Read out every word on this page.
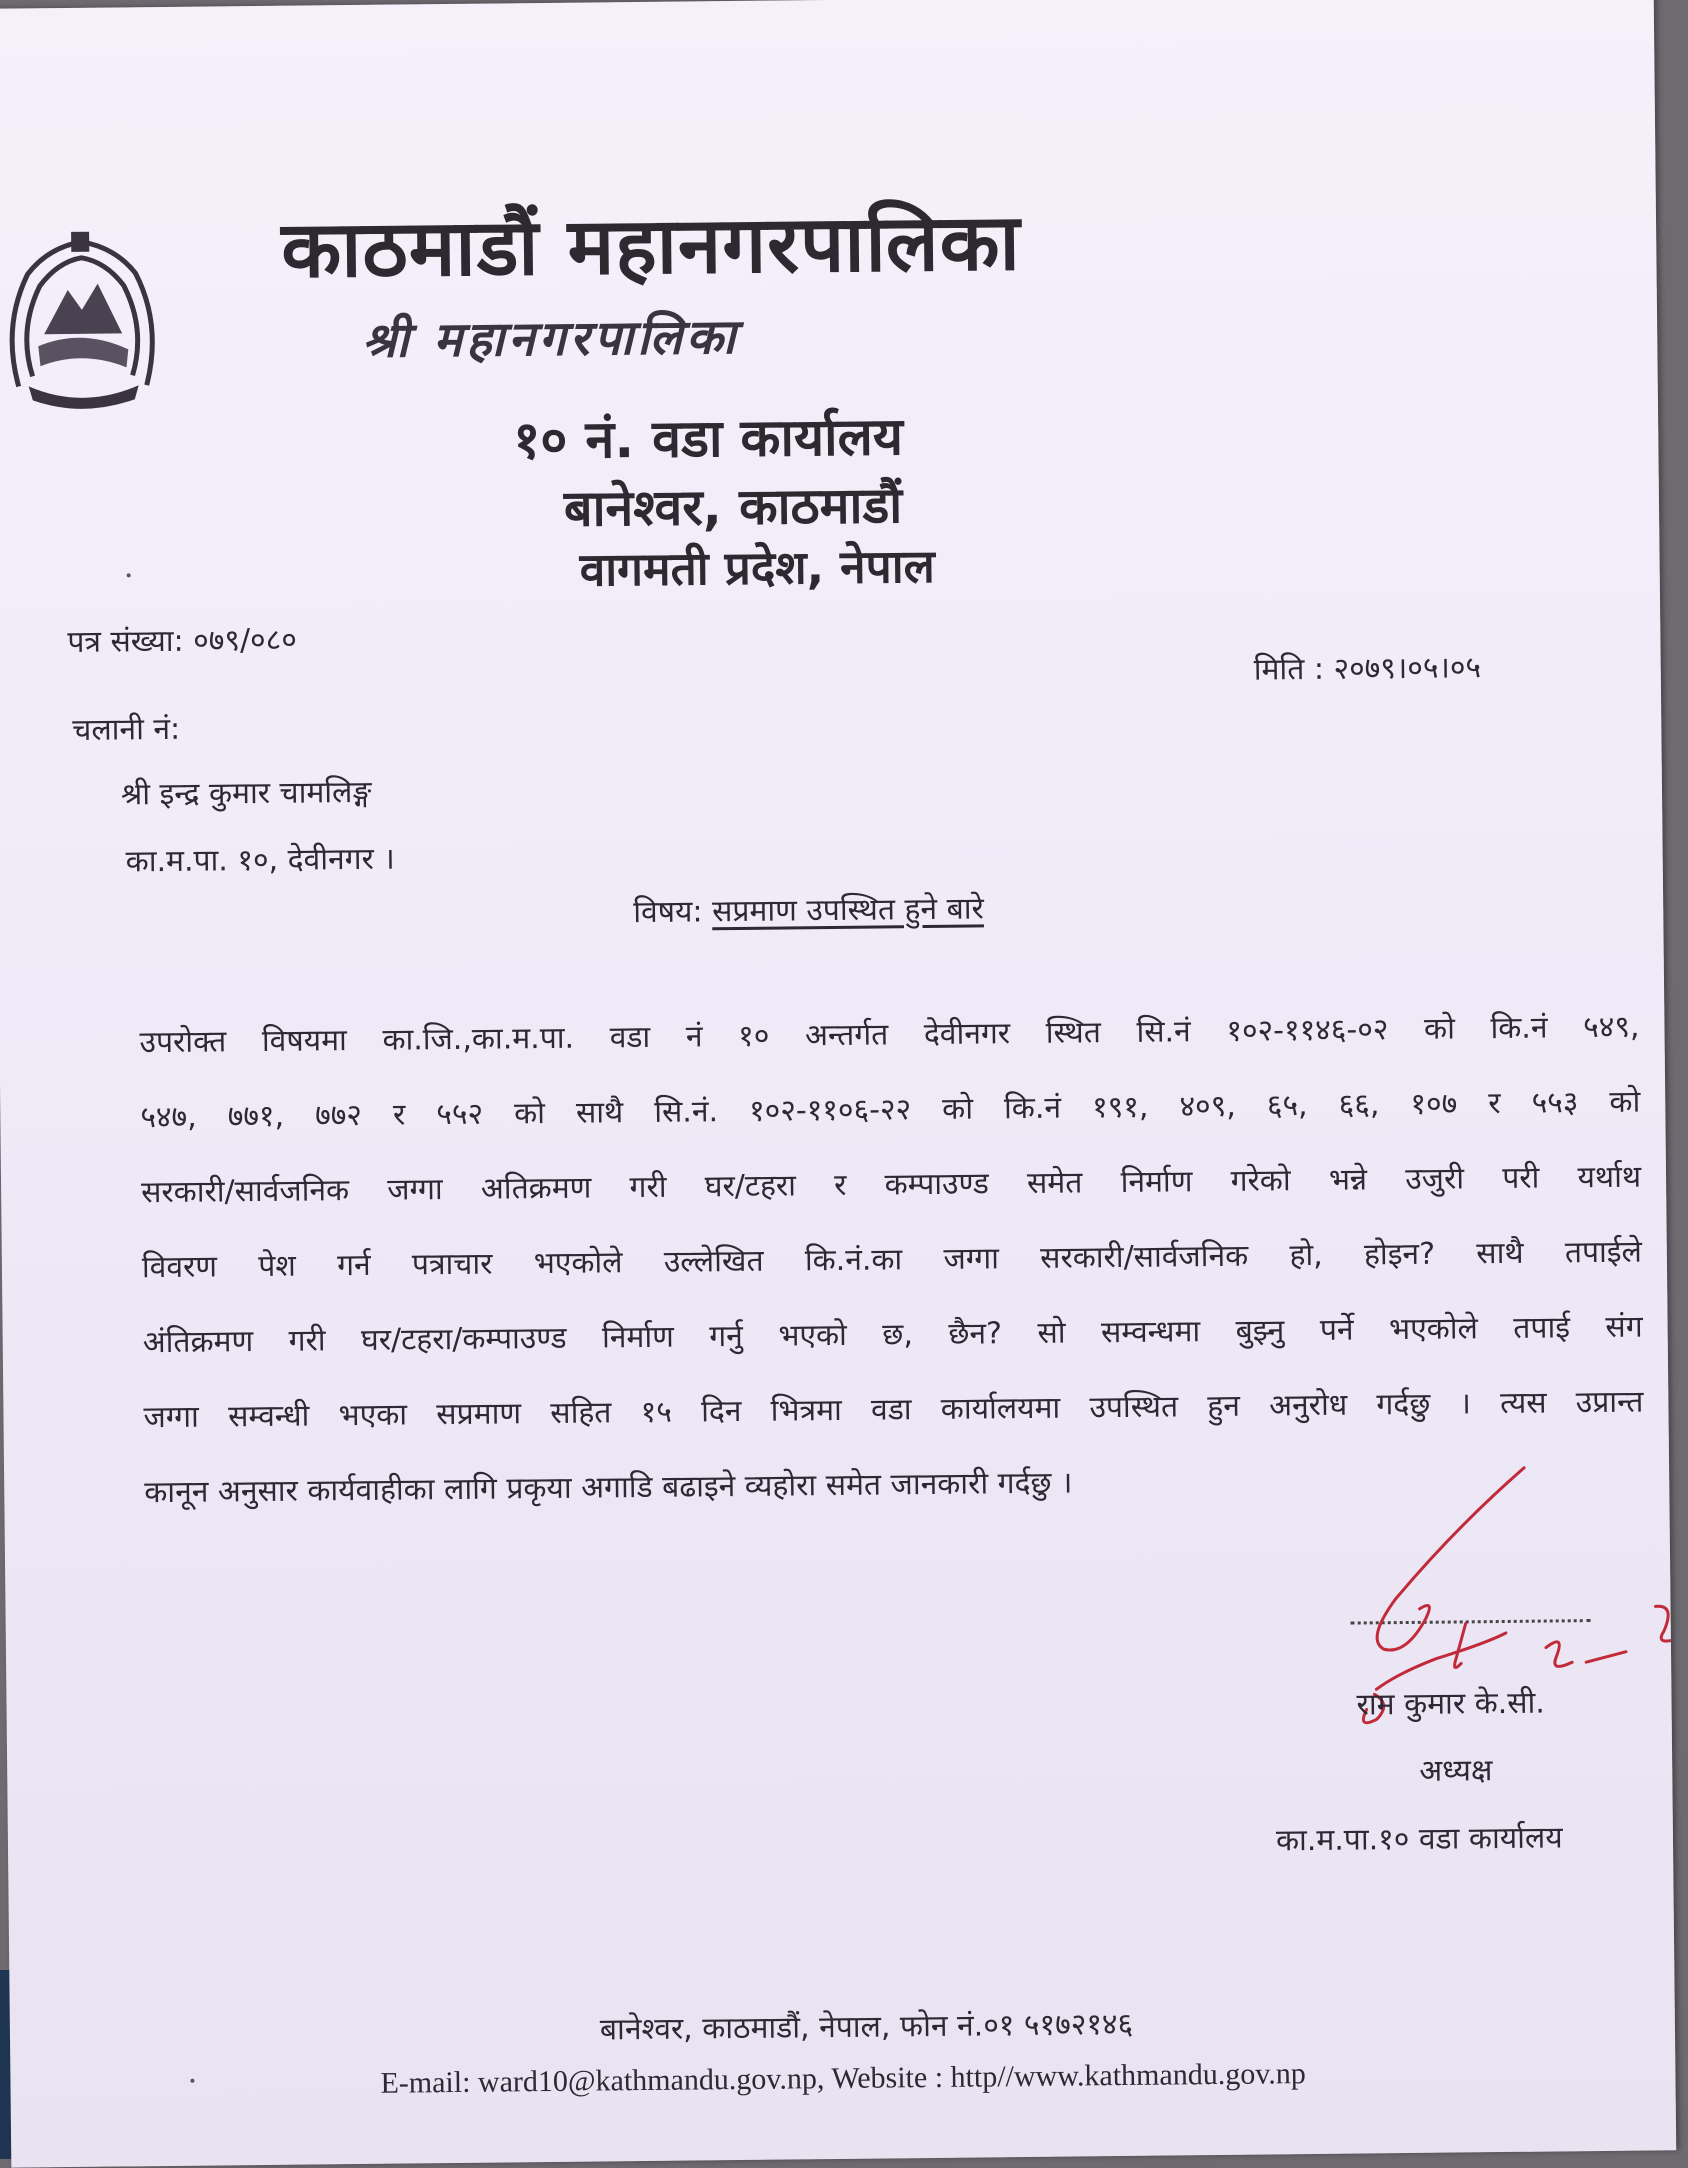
काठमाडौं महानगरपालिका
श्री महानगरपालिका
१० नं. वडा कार्यालय
बानेश्वर, काठमाडौं
वागमती प्रदेश, नेपाल
पत्र संख्या: ०७९/०८०
मिति : २०७९।०५।०५
चलानी नं:
श्री इन्द्र कुमार चामलिङ्ग
का.म.पा. १०, देवीनगर ।
विषय: सप्रमाण उपस्थित हुने बारे
उपरोक्त विषयमा का.जि.,का.म.पा. वडा नं १० अन्तर्गत देवीनगर स्थित सि.नं १०२-११४६-०२ को कि.नं ५४९,
५४७, ७७१, ७७२ र ५५२ को साथै सि.नं. १०२-११०६-२२ को कि.नं १९१, ४०९, ६५, ६६, १०७ र ५५३ को
सरकारी/सार्वजनिक जग्गा अतिक्रमण गरी घर/टहरा र कम्पाउण्ड समेत निर्माण गरेको भन्ने उजुरी परी यर्थाथ
विवरण पेश गर्न पत्राचार भएकोले उल्लेखित कि.नं.का जग्गा सरकारी/सार्वजनिक हो, होइन? साथै तपाईले
अंतिक्रमण गरी घर/टहरा/कम्पाउण्ड निर्माण गर्नु भएको छ, छैन? सो सम्वन्धमा बुझ्नु पर्ने भएकोले तपाई संग
जग्गा सम्वन्धी भएका सप्रमाण सहित १५ दिन भित्रमा वडा कार्यालयमा उपस्थित हुन अनुरोध गर्दछु । त्यस उप्रान्त
कानून अनुसार कार्यवाहीका लागि प्रकृया अगाडि बढाइने व्यहोरा समेत जानकारी गर्दछु ।
राम कुमार के.सी.
अध्यक्ष
का.म.पा.१० वडा कार्यालय
बानेश्वर, काठमाडौं, नेपाल, फोन नं.०१ ५१७२१४६
E-mail: ward10@kathmandu.gov.np, Website : http//www.kathmandu.gov.np
